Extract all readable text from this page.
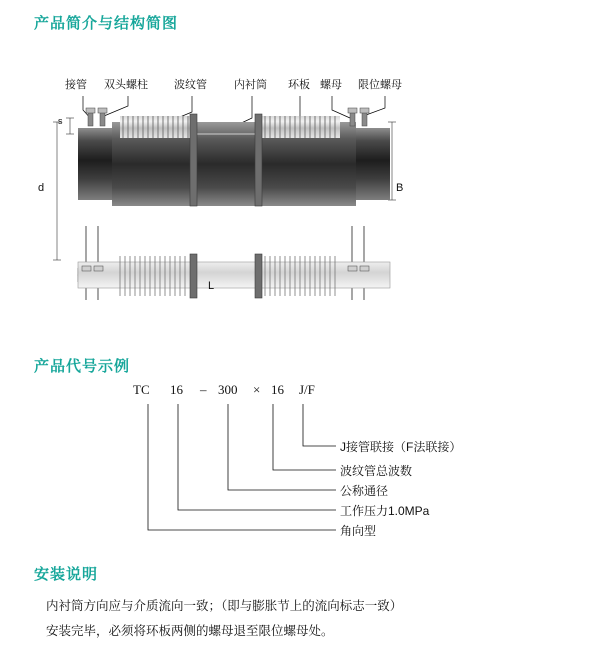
产品简介与结构简图
产品代号示例
安装说明
接管 双头螺柱 波纹管 内衬筒 环板 螺母 限位螺母
d
s
B
L
TC 16 – 300 × 16 J/F
J接管联接（F法联接）
波纹管总波数
公称通径
工作压力1.0MPa
角向型

内衬筒方向应与介质流向一致；（即与膨胀节上的流向标志一致）

安装完毕，必须将环板两侧的螺母退至限位螺母处。
